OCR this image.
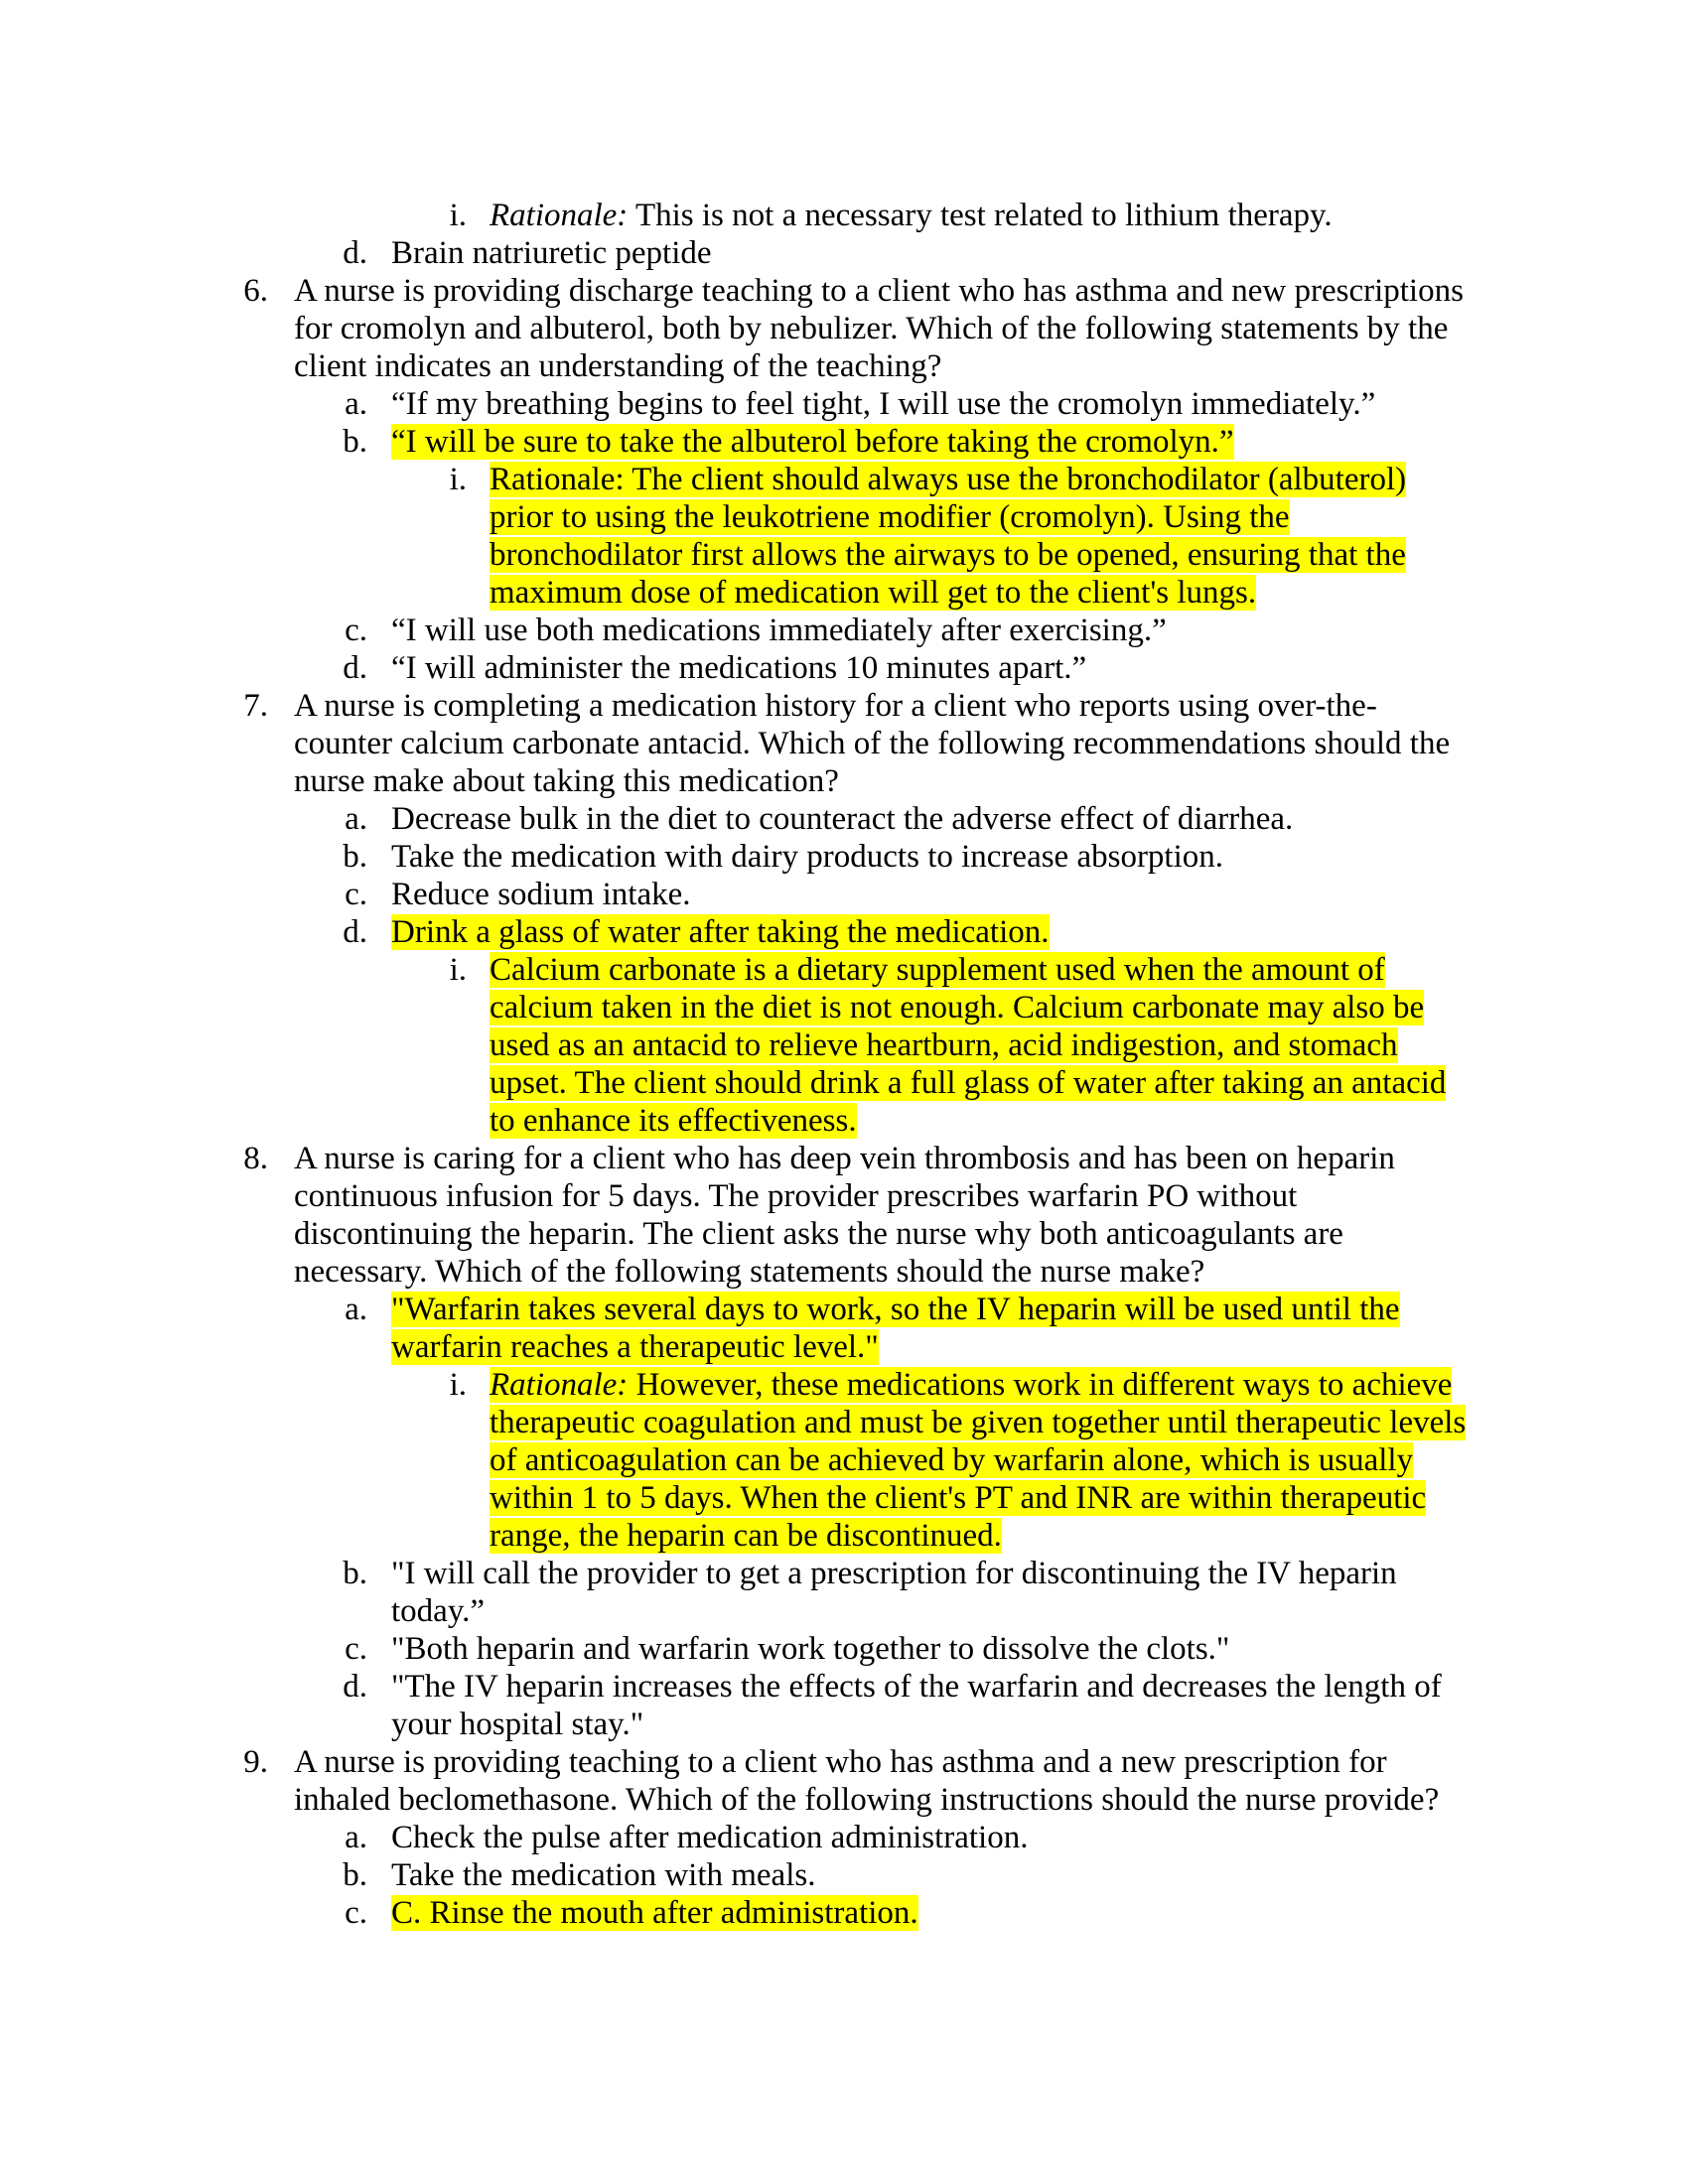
i. Rationale: This is not a necessary test related to lithium therapy.
d. Brain natriuretic peptide
6. A nurse is providing discharge teaching to a client who has asthma and new prescriptions
for cromolyn and albuterol, both by nebulizer. Which of the following statements by the
client indicates an understanding of the teaching?
a. “If my breathing begins to feel tight, I will use the cromolyn immediately.”
b. “I will be sure to take the albuterol before taking the cromolyn.”
i. Rationale: The client should always use the bronchodilator (albuterol)
prior to using the leukotriene modifier (cromolyn). Using the
bronchodilator first allows the airways to be opened, ensuring that the
maximum dose of medication will get to the client's lungs.
c. “I will use both medications immediately after exercising.”
d. “I will administer the medications 10 minutes apart.”
7. A nurse is completing a medication history for a client who reports using over-the-
counter calcium carbonate antacid. Which of the following recommendations should the
nurse make about taking this medication?
a. Decrease bulk in the diet to counteract the adverse effect of diarrhea.
b. Take the medication with dairy products to increase absorption.
c. Reduce sodium intake.
d. Drink a glass of water after taking the medication.
i. Calcium carbonate is a dietary supplement used when the amount of
calcium taken in the diet is not enough. Calcium carbonate may also be
used as an antacid to relieve heartburn, acid indigestion, and stomach
upset. The client should drink a full glass of water after taking an antacid
to enhance its effectiveness.
8. A nurse is caring for a client who has deep vein thrombosis and has been on heparin
continuous infusion for 5 days. The provider prescribes warfarin PO without
discontinuing the heparin. The client asks the nurse why both anticoagulants are
necessary. Which of the following statements should the nurse make?
a. "Warfarin takes several days to work, so the IV heparin will be used until the
warfarin reaches a therapeutic level."
i. Rationale: However, these medications work in different ways to achieve
therapeutic coagulation and must be given together until therapeutic levels
of anticoagulation can be achieved by warfarin alone, which is usually
within 1 to 5 days. When the client's PT and INR are within therapeutic
range, the heparin can be discontinued.
b. "I will call the provider to get a prescription for discontinuing the IV heparin
today.”
c. "Both heparin and warfarin work together to dissolve the clots."
d. "The IV heparin increases the effects of the warfarin and decreases the length of
your hospital stay."
9. A nurse is providing teaching to a client who has asthma and a new prescription for
inhaled beclomethasone. Which of the following instructions should the nurse provide?
a. Check the pulse after medication administration.
b. Take the medication with meals.
c. C. Rinse the mouth after administration.
